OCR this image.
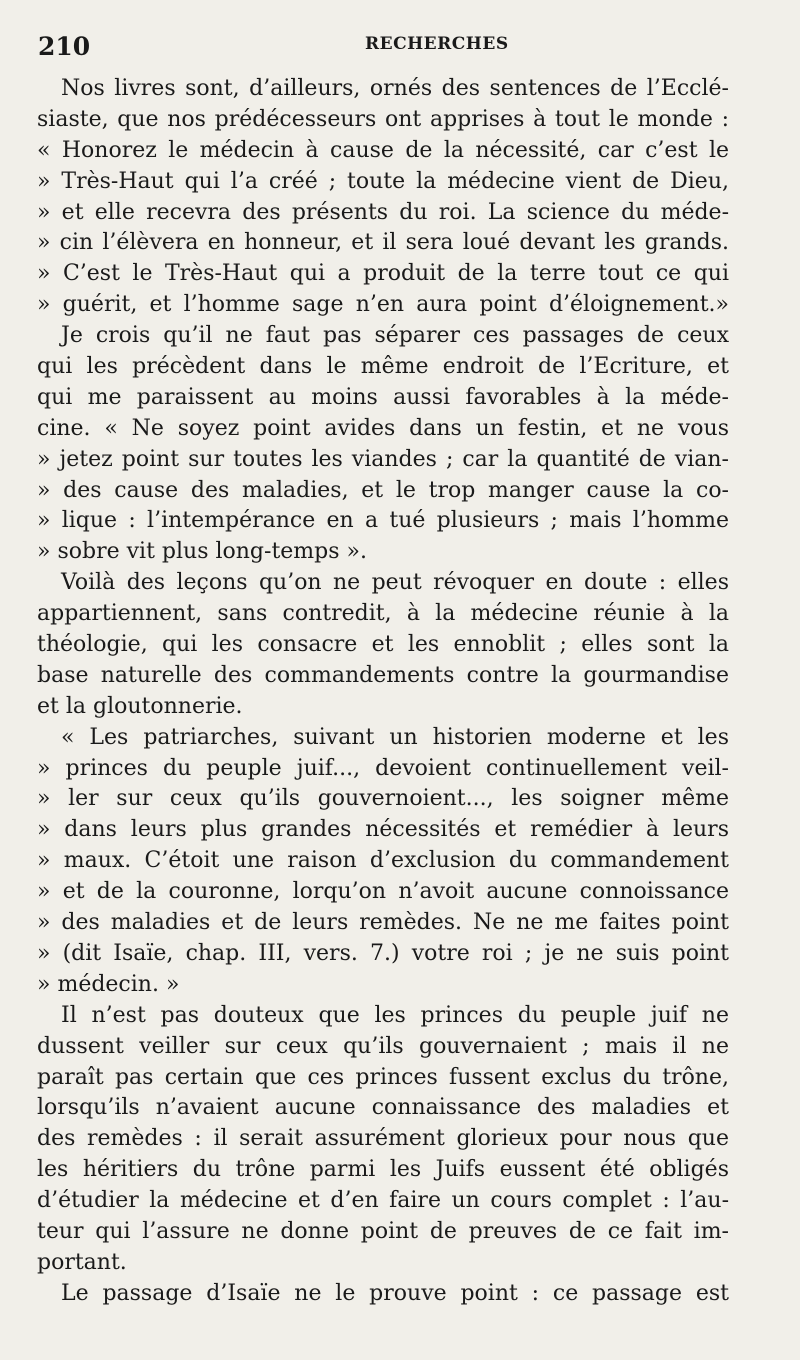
210	RECHERCHES
Nos livres sont, d’ailleurs, ornés des sentences de l’Ecclé-
siaste, que nos prédécesseurs ont apprises à tout le monde :
« Honorez le médecin à cause de la nécessité, car c’est le
» Très-Haut qui l’a créé ; toute la médecine vient de Dieu,
» et elle recevra des présents du roi. La science du méde-
» cin l’élèvera en honneur, et il sera loué devant les grands.
» C’est le Très-Haut qui a produit de la terre tout ce qui
» guérit, et l’homme sage n’en aura point d’éloignement.»
Je crois qu’il ne faut pas séparer ces passages de ceux
qui les précèdent dans le même endroit de l’Ecriture, et
qui me paraissent au moins aussi favorables à la méde-
cine. « Ne soyez point avides dans un festin, et ne vous
» jetez point sur toutes les viandes ; car la quantité de vian-
» des cause des maladies, et le trop manger cause la co-
» lique : l’intempérance en a tué plusieurs ; mais l’homme
» sobre vit plus long-temps ».
Voilà des leçons qu’on ne peut révoquer en doute : elles
appartiennent, sans contredit, à la médecine réunie à la
théologie, qui les consacre et les ennoblit ; elles sont la
base naturelle des commandements contre la gourmandise
et la gloutonnerie.
« Les patriarches, suivant un historien moderne et les
» princes du peuple juif..., devoient continuellement veil-
» ler sur ceux qu’ils gouvernoient..., les soigner même
» dans leurs plus grandes nécessités et remédier à leurs
» maux. C’étoit une raison d’exclusion du commandement
» et de la couronne, lorqu’on n’avoit aucune connoissance
» des maladies et de leurs remèdes. Ne ne me faites point
» (dit Isaïe, chap. III, vers. 7.) votre roi ; je ne suis point
» médecin. »
Il n’est pas douteux que les princes du peuple juif ne
dussent veiller sur ceux qu’ils gouvernaient ; mais il ne
paraît pas certain que ces princes fussent exclus du trône,
lorsqu’ils n’avaient aucune connaissance des maladies et
des remèdes : il serait assurément glorieux pour nous que
les héritiers du trône parmi les Juifs eussent été obligés
d’étudier la médecine et d’en faire un cours complet : l’au-
teur qui l’assure ne donne point de preuves de ce fait im-
portant.
Le passage d’Isaïe ne le prouve point : ce passage est
